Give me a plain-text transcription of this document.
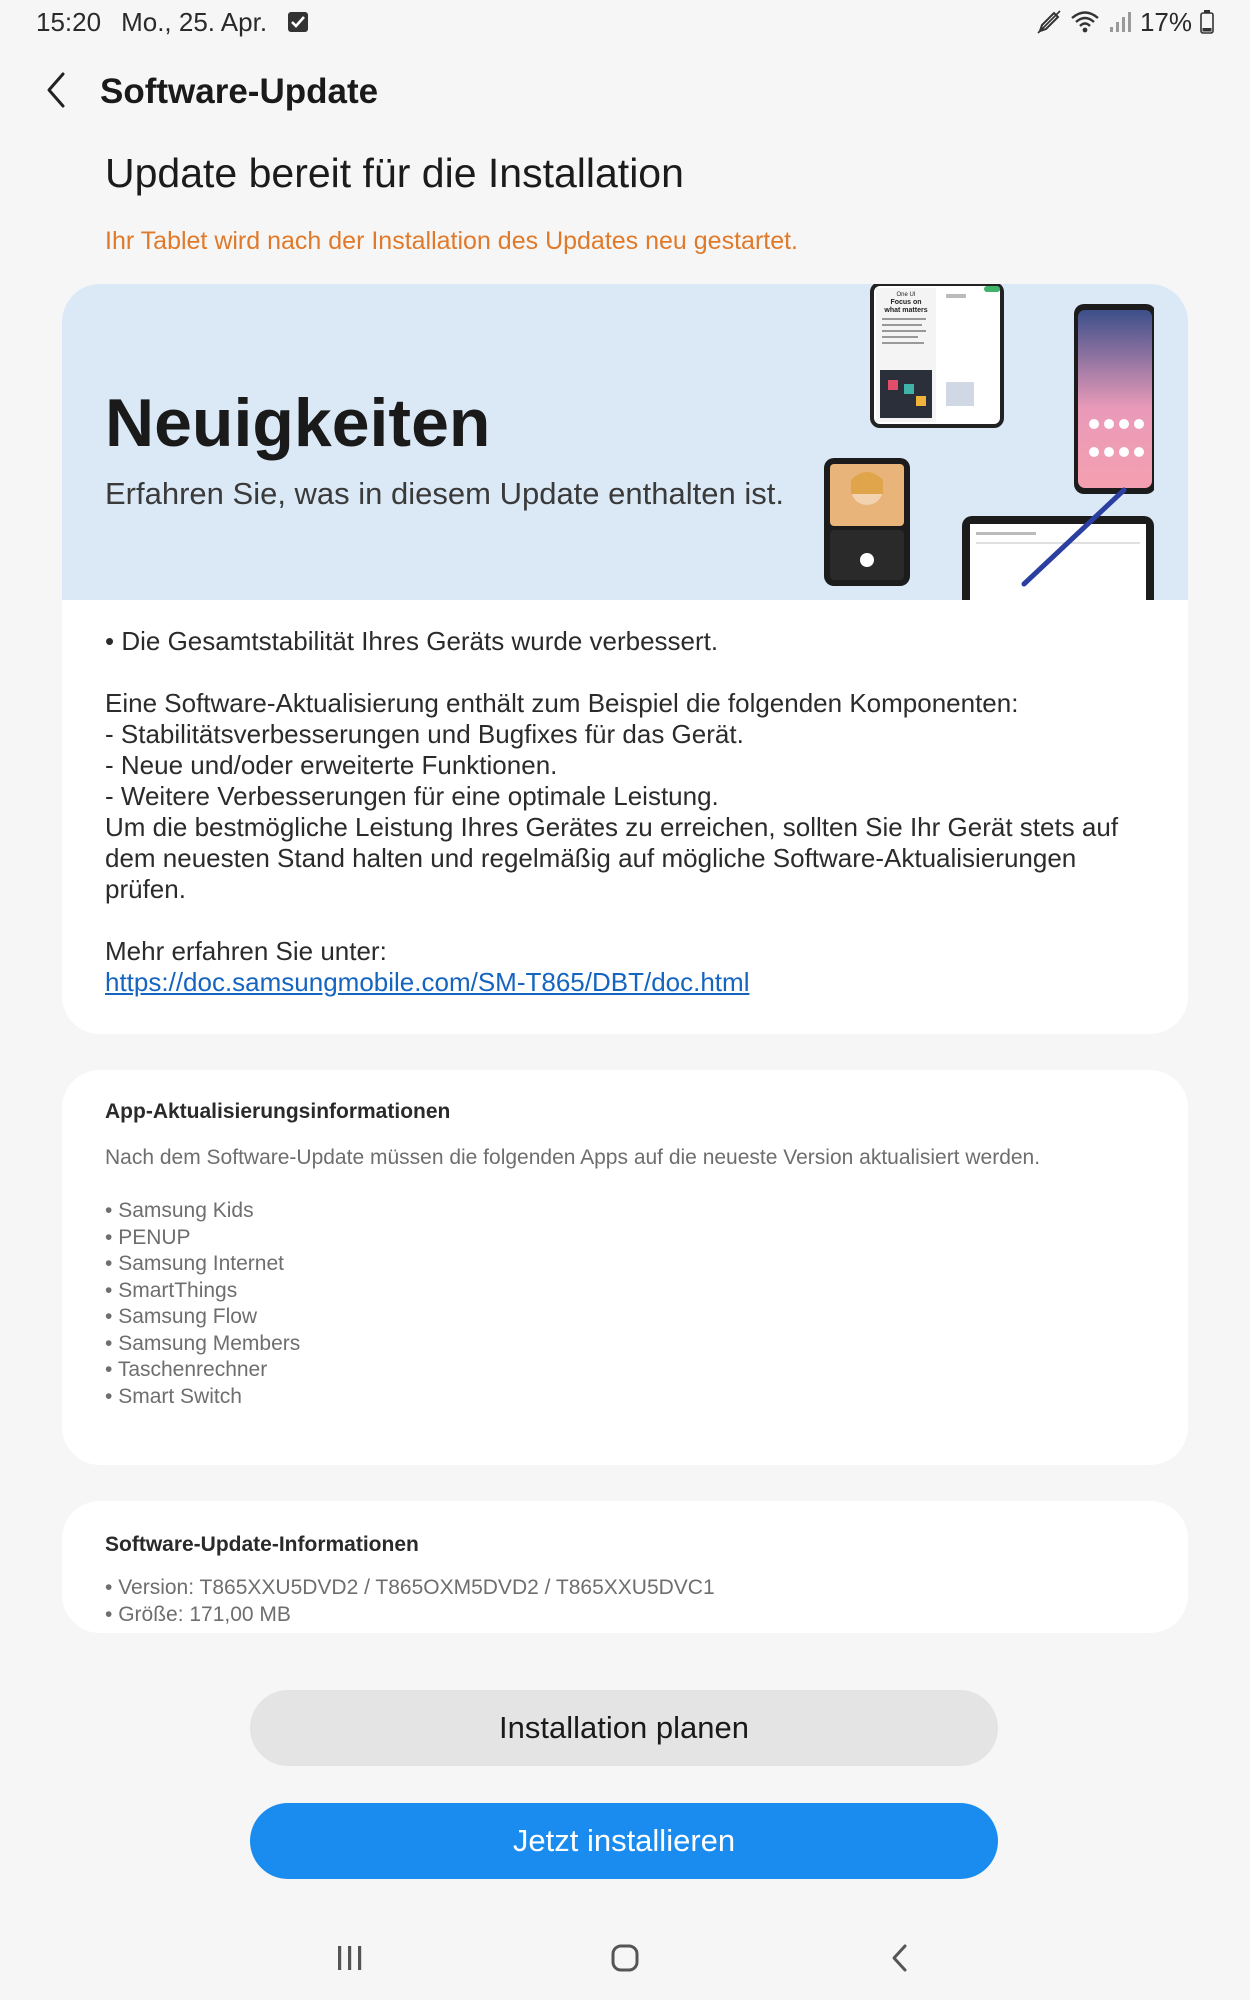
15:20 Mo., 25. Apr.	17%
Software-Update
Update bereit für die Installation
Ihr Tablet wird nach der Installation des Updates neu gestartet.
Neuigkeiten
Erfahren Sie, was in diesem Update enthalten ist.
One UI
Focus on
what matters
• Die Gesamtstabilität Ihres Geräts wurde verbessert.

Eine Software-Aktualisierung enthält zum Beispiel die folgenden Komponenten:
- Stabilitätsverbesserungen und Bugfixes für das Gerät.
- Neue und/oder erweiterte Funktionen.
- Weitere Verbesserungen für eine optimale Leistung.
Um die bestmögliche Leistung Ihres Gerätes zu erreichen, sollten Sie Ihr Gerät stets auf dem neuesten Stand halten und regelmäßig auf mögliche Software-Aktualisierungen prüfen.

Mehr erfahren Sie unter:
https://doc.samsungmobile.com/SM-T865/DBT/doc.html
App-Aktualisierungsinformationen
Nach dem Software-Update müssen die folgenden Apps auf die neueste Version aktualisiert werden.
• Samsung Kids
• PENUP
• Samsung Internet
• SmartThings
• Samsung Flow
• Samsung Members
• Taschenrechner
• Smart Switch
Software-Update-Informationen
• Version: T865XXU5DVD2 / T865OXM5DVD2 / T865XXU5DVC1
• Größe: 171,00 MB
Installation planen
Jetzt installieren
